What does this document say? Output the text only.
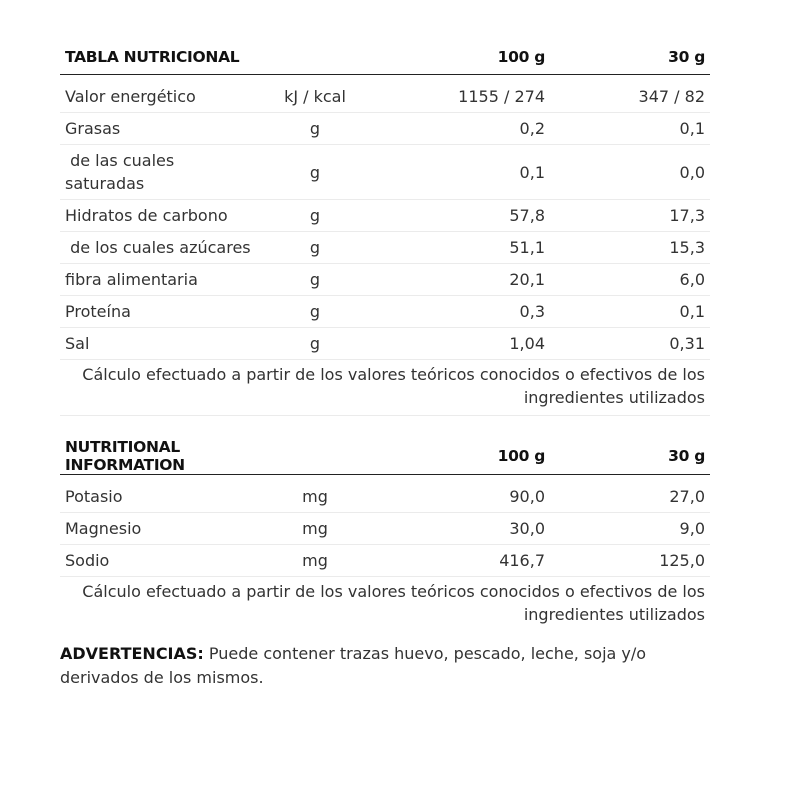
TABLA NUTRICIONAL		100 g	30 g
Valor energético	kJ / kcal	1155 / 274	347 / 82
Grasas	g	0,2	0,1
de las cuales saturadas	g	0,1	0,0
Hidratos de carbono	g	57,8	17,3
de los cuales azúcares	g	51,1	15,3
fibra alimentaria	g	20,1	6,0
Proteína	g	0,3	0,1
Sal	g	1,04	0,31
Cálculo efectuado a partir de los valores teóricos conocidos o efectivos de los ingredientes utilizados			
NUTRITIONAL INFORMATION		100 g	30 g
Potasio	mg	90,0	27,0
Magnesio	mg	30,0	9,0
Sodio	mg	416,7	125,0
Cálculo efectuado a partir de los valores teóricos conocidos o efectivos de los ingredientes utilizados			

ADVERTENCIAS: Puede contener trazas huevo, pescado, leche, soja y/o derivados de los mismos.
